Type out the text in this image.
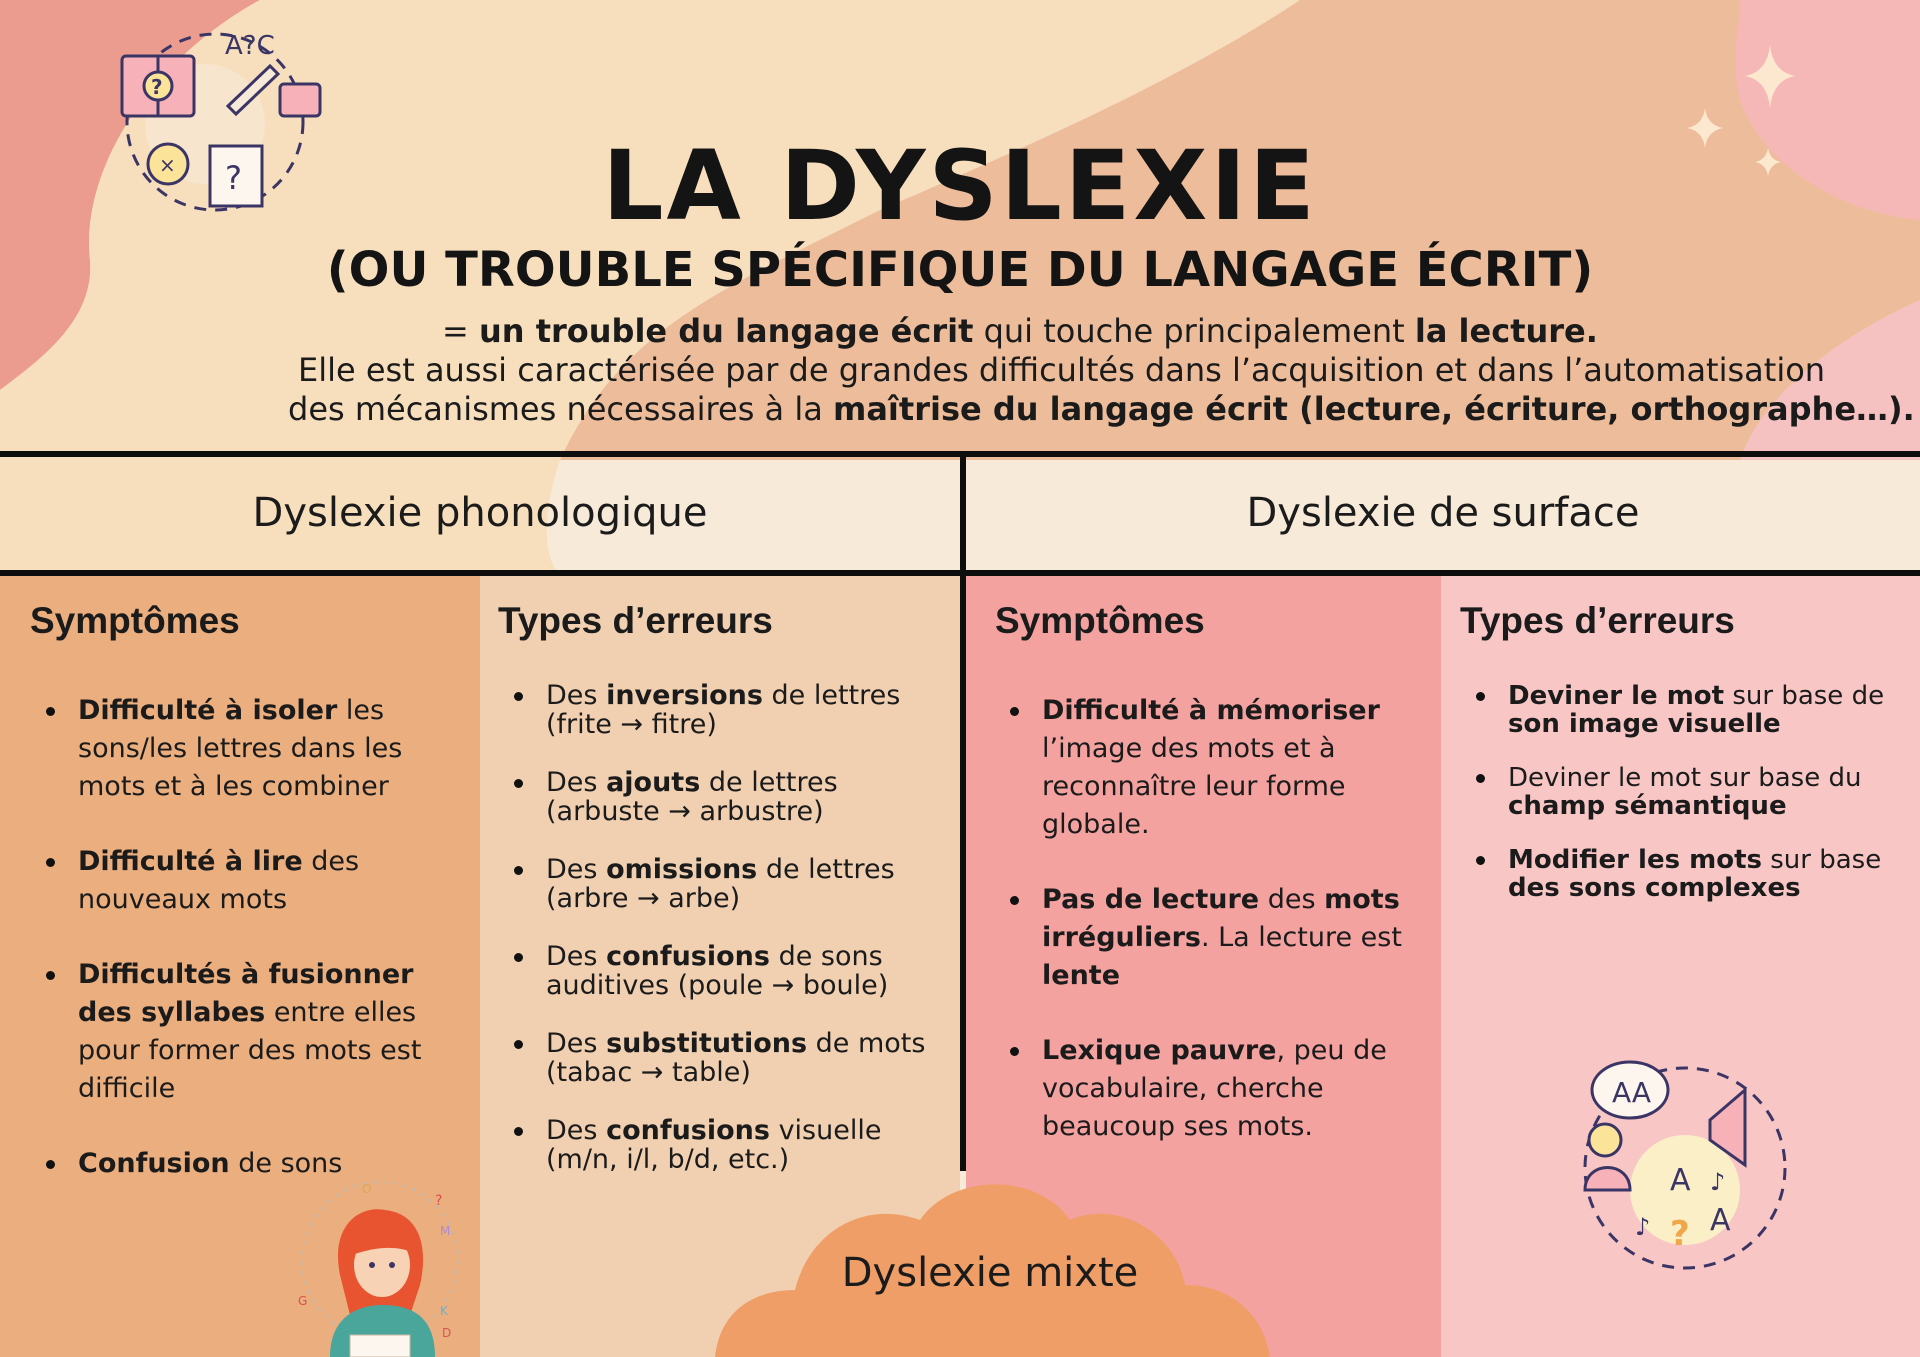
?
A?C
× ?	LA DYSLEXIE
(OU TROUBLE SPÉCIFIQUE DU LANGAGE ÉCRIT)
= un trouble du langage écrit qui touche principalement la lecture.
Elle est aussi caractérisée par de grandes difficultés dans l’acquisition et dans l’automatisation
des mécanismes nécessaires à la maîtrise du langage écrit (lecture, écriture, orthographe…).
Dyslexie phonologique	Dyslexie de surface
Symptômes
Difficulté à isoler les sons/les lettres dans les mots et à les combiner
Difficulté à lire des nouveaux mots
Difficultés à fusionner des syllabes entre elles pour former des mots est difficile
Confusion de sons
Types d’erreurs
Des inversions de lettres
(frite → fitre)
Des ajouts de lettres
(arbuste → arbustre)
Des omissions de lettres
(arbre → arbe)
Des confusions de sons
auditives (poule → boule)
Des substitutions de mots
(tabac → table)
Des confusions visuelle
(m/n, i/l, b/d, etc.)
Symptômes
Difficulté à mémoriser l’image des mots et à reconnaître leur forme globale.
Pas de lecture des mots irréguliers. La lecture est lente
Lexique pauvre, peu de vocabulaire, cherche beaucoup ses mots.
Types d’erreurs
Deviner le mot sur base de
son image visuelle
Deviner le mot sur base du
champ sémantique
Modifier les mots sur base
des sons complexes
Dyslexie mixte
O
?
M
G
K
D
AA
A
A
?
♪
♪
